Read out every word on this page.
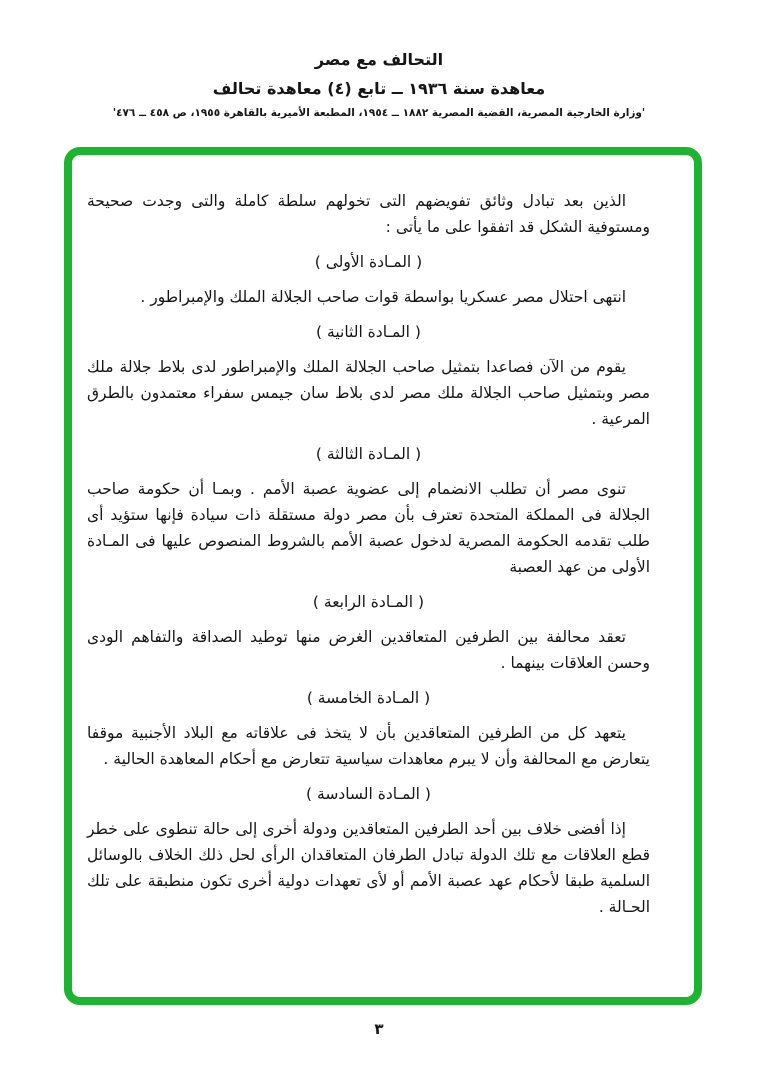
التحالف مع مصر
معاهدة سنة ١٩٣٦ ــ تابع (٤) معاهدة تحالف
'وزارة الخارجية المصرية، القضية المصرية ١٨٨٢ ــ ١٩٥٤، المطبعة الأميرية بالقاهرة ١٩٥٥، ص ٤٥٨ ــ ٤٧٦'

الذين بعد تبادل وثائق تفويضهم التى تخولهم سلطة كاملة والتى وجدت صحيحة ومستوفية الشكل قد اتفقوا على ما يأتى :

( المـادة الأولى )

انتهى احتلال مصر عسكريا بواسطة قوات صاحب الجلالة الملك والإمبراطور .

( المـادة الثانية )

يقوم من الآن فصاعدا بتمثيل صاحب الجلالة الملك والإمبراطور لدى بلاط جلالة ملك مصر وبتمثيل صاحب الجلالة ملك مصر لدى بلاط سان جيمس سفراء معتمدون بالطرق المرعية .

( المـادة الثالثة )

تنوى مصر أن تطلب الانضمام إلى عضوية عصبة الأمم . وبمـا أن حكومة صاحب الجلالة فى المملكة المتحدة تعترف بأن مصر دولة مستقلة ذات سيادة فإنها ستؤيد أى طلب تقدمه الحكومة المصرية لدخول عصبة الأمم بالشروط المنصوص عليها فى المـادة الأولى من عهد العصبة

( المـادة الرابعة )

تعقد محالفة بين الطرفين المتعاقدين الغرض منها توطيد الصداقة والتفاهم الودى وحسن العلاقات بينهما .

( المـادة الخامسة )

يتعهد كل من الطرفين المتعاقدين بأن لا يتخذ فى علاقاته مع البلاد الأجنبية موقفا يتعارض مع المحالفة وأن لا يبرم معاهدات سياسية تتعارض مع أحكام المعاهدة الحالية .

( المـادة السادسة )

إذا أفضى خلاف بين أحد الطرفين المتعاقدين ودولة أخرى إلى حالة تنطوى على خطر قطع العلاقات مع تلك الدولة تبادل الطرفان المتعاقدان الرأى لحل ذلك الخلاف بالوسائل السلمية طبقا لأحكام عهد عصبة الأمم أو لأى تعهدات دولية أخرى تكون منطبقة على تلك الحـالة .

٣
